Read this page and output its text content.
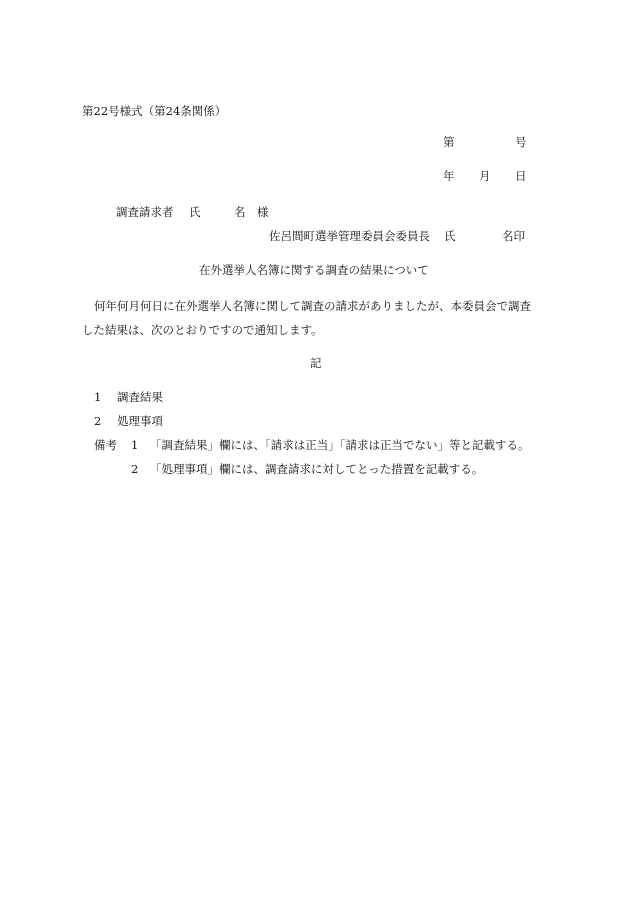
第22号様式（第24条関係）
第	号
年 月 日
調査請求者 氏	名 様
佐呂間町選挙管理委員会委員長 氏	名印
在外選挙人名簿に関する調査の結果について
何年何月何日に在外選挙人名簿に関して調査の請求がありましたが、本委員会で調査
した結果は、次のとおりですので通知します。
記
1 調査結果
2 処理事項
備考 1 「調査結果」欄には、「請求は正当」「請求は正当でない」等と記載する。
2 「処理事項」欄には、調査請求に対してとった措置を記載する。
